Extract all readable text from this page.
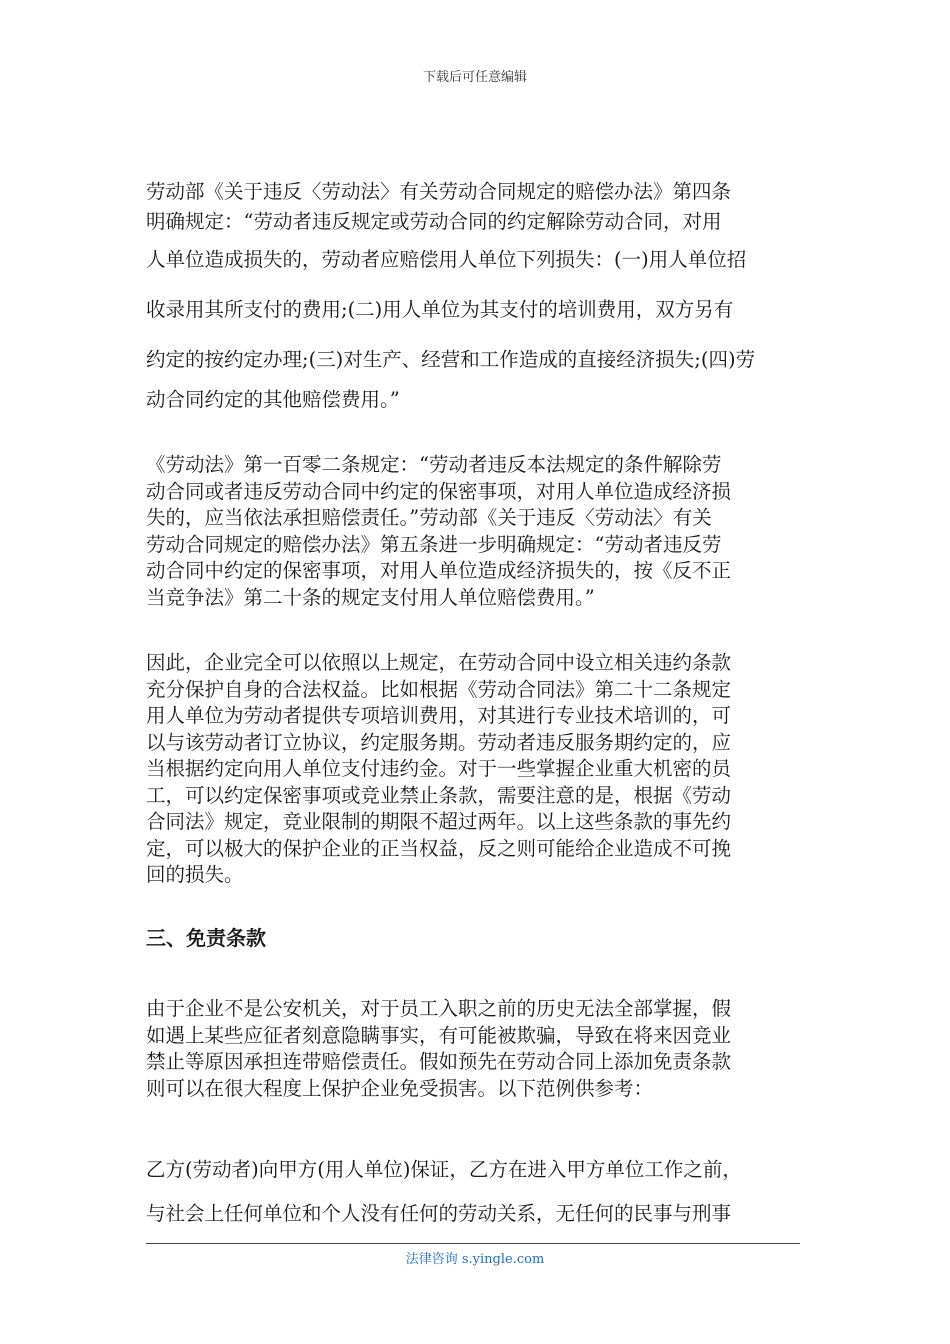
下载后可任意编辑

劳动部《关于违反〈劳动法〉有关劳动合同规定的赔偿办法》第四条
明确规定：“劳动者违反规定或劳动合同的约定解除劳动合同，对用
人单位造成损失的，劳动者应赔偿用人单位下列损失：(一)用人单位招
收录用其所支付的费用;(二)用人单位为其支付的培训费用，双方另有
约定的按约定办理;(三)对生产、经营和工作造成的直接经济损失;(四)劳
动合同约定的其他赔偿费用。”

《劳动法》第一百零二条规定：“劳动者违反本法规定的条件解除劳
动合同或者违反劳动合同中约定的保密事项，对用人单位造成经济损
失的，应当依法承担赔偿责任。”劳动部《关于违反〈劳动法〉有关
劳动合同规定的赔偿办法》第五条进一步明确规定：“劳动者违反劳
动合同中约定的保密事项，对用人单位造成经济损失的，按《反不正
当竞争法》第二十条的规定支付用人单位赔偿费用。”

因此，企业完全可以依照以上规定，在劳动合同中设立相关违约条款
充分保护自身的合法权益。比如根据《劳动合同法》第二十二条规定
用人单位为劳动者提供专项培训费用，对其进行专业技术培训的，可
以与该劳动者订立协议，约定服务期。劳动者违反服务期约定的，应
当根据约定向用人单位支付违约金。对于一些掌握企业重大机密的员
工，可以约定保密事项或竞业禁止条款，需要注意的是，根据《劳动
合同法》规定，竞业限制的期限不超过两年。以上这些条款的事先约
定，可以极大的保护企业的正当权益，反之则可能给企业造成不可挽
回的损失。

三、免责条款

由于企业不是公安机关，对于员工入职之前的历史无法全部掌握，假
如遇上某些应征者刻意隐瞒事实，有可能被欺骗，导致在将来因竞业
禁止等原因承担连带赔偿责任。假如预先在劳动合同上添加免责条款
则可以在很大程度上保护企业免受损害。以下范例供参考：

乙方(劳动者)向甲方(用人单位)保证，乙方在进入甲方单位工作之前，
与社会上任何单位和个人没有任何的劳动关系，无任何的民事与刑事

法律咨询 s.yingle.com
